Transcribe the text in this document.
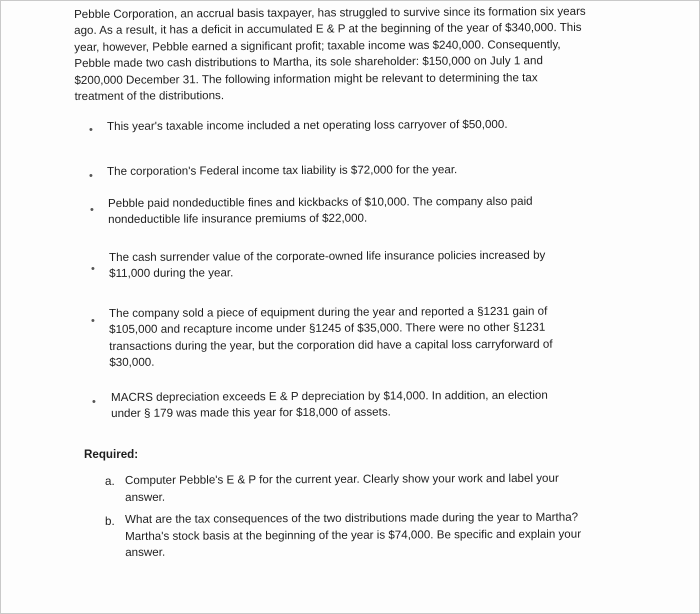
Pebble Corporation, an accrual basis taxpayer, has struggled to survive since its formation six years ago. As a result, it has a deficit in accumulated E & P at the beginning of the year of $340,000. This year, however, Pebble earned a significant profit; taxable income was $240,000. Consequently, Pebble made two cash distributions to Martha, its sole shareholder: $150,000 on July 1 and $200,000 December 31. The following information might be relevant to determining the tax treatment of the distributions.
• This year's taxable income included a net operating loss carryover of $50,000.
• The corporation's Federal income tax liability is $72,000 for the year.
•
Pebble paid nondeductible fines and kickbacks of $10,000. The company also paid nondeductible life insurance premiums of $22,000.
•
The cash surrender value of the corporate-owned life insurance policies increased by $11,000 during the year.
•
The company sold a piece of equipment during the year and reported a §1231 gain of $105,000 and recapture income under §1245 of $35,000. There were no other §1231 transactions during the year, but the corporation did have a capital loss carryforward of $30,000.
• MACRS depreciation exceeds E & P depreciation by $14,000. In addition, an election under § 179 was made this year for $18,000 of assets.
Required:
a. Computer Pebble's E & P for the current year. Clearly show your work and label your answer.
b. What are the tax consequences of the two distributions made during the year to Martha? Martha's stock basis at the beginning of the year is $74,000. Be specific and explain your answer.
